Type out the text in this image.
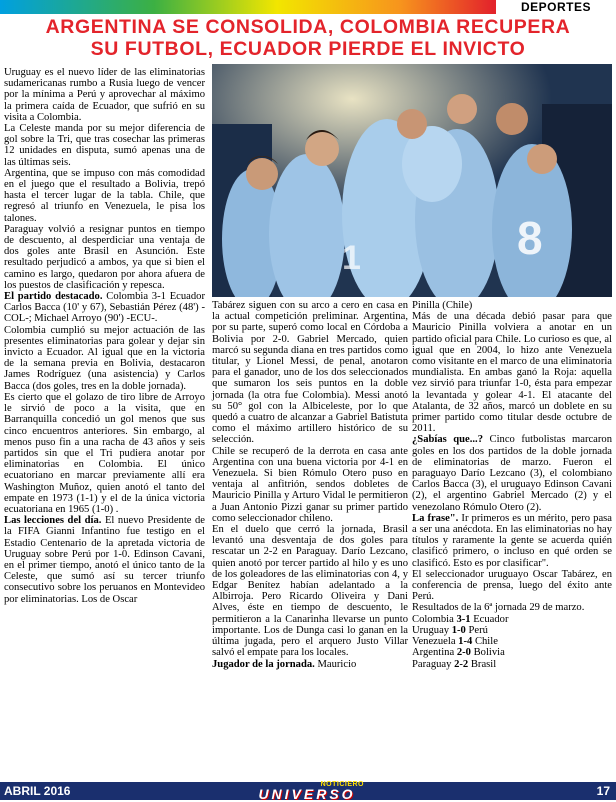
DEPORTES
ARGENTINA SE CONSOLIDA, COLOMBIA RECUPERA
SU FUTBOL, ECUADOR PIERDE EL INVICTO
8
1

Uruguay es el nuevo líder de las eliminatorias sudamericanas rumbo a Rusia luego de vencer por la mínima a Perú y aprovechar al máximo la primera caída de Ecuador, que sufrió en su visita a Colombia.

La Celeste manda por su mejor diferencia de gol sobre la Tri, que tras cosechar las primeras 12 unidades en disputa, sumó apenas una de las últimas seis.

Argentina, que se impuso con más comodidad en el juego que el resultado a Bolivia, trepó hasta el tercer lugar de la tabla. Chile, que regresó al triunfo en Venezuela, le pisa los talones.

Paraguay volvió a resignar puntos en tiempo de descuento, al desperdiciar una ventaja de dos goles ante Brasil en Asunción. Este resultado perjudicó a ambos, ya que si bien el camino es largo, quedaron por ahora afuera de los puestos de clasificación y repesca.

El partido destacado. Colombia 3-1 Ecuador Carlos Bacca (10' y 67), Sebastián Pérez (48') -COL-; Michael Arroyo (90') -ECU-.

Colombia cumplió su mejor actuación de las presentes eliminatorias para golear y dejar sin invicto a Ecuador. Al igual que en la victoria de la semana previa en Bolivia, destacaron James Rodríguez (una asistencia) y Carlos Bacca (dos goles, tres en la doble jornada).

Es cierto que el golazo de tiro libre de Arroyo le sirvió de poco a la visita, que en Barranquilla concedió un gol menos que sus cinco encuentros anteriores. Sin embargo, al menos puso fin a una racha de 43 años y seis partidos sin que el Tri pudiera anotar por eliminatorias en Colombia. El único ecuatoriano en marcar previamente allí era Washington Muñoz, quien anotó el tanto del empate en 1973 (1-1) y el de la única victoria ecuatoriana en 1965 (1-0) .

Las lecciones del día. El nuevo Presidente de la FIFA Gianni Infantino fue testigo en el Estadio Centenario de la apretada victoria de Uruguay sobre Perú por 1-0. Edinson Cavani, en el primer tiempo, anotó el único tanto de la Celeste, que sumó así su tercer triunfo consecutivo sobre los peruanos en Montevideo por eliminatorias. Los de Oscar

Tabárez siguen con su arco a cero en casa en la actual competición preliminar. Argentina, por su parte, superó como local en Córdoba a Bolivia por 2-0. Gabriel Mercado, quien marcó su segunda diana en tres partidos como titular, y Lionel Messi, de penal, anotaron para el ganador, uno de los dos seleccionados que sumaron los seis puntos en la doble jornada (la otra fue Colombia). Messi anotó su 50° gol con la Albiceleste, por lo que quedó a cuatro de alcanzar a Gabriel Batistuta como el máximo artillero histórico de su selección.

Chile se recuperó de la derrota en casa ante Argentina con una buena victoria por 4-1 en Venezuela. Si bien Rómulo Otero puso en ventaja al anfitrión, sendos dobletes de Mauricio Pinilla y Arturo Vidal le permitieron a Juan Antonio Pizzi ganar su primer partido como seleccionador chileno.

En el duelo que cerró la jornada, Brasil levantó una desventaja de dos goles para rescatar un 2-2 en Paraguay. Darío Lezcano, quien anotó por tercer partido al hilo y es uno de los goleadores de las eliminatorias con 4, y Edgar Benítez habían adelantado a la Albirroja. Pero Ricardo Oliveira y Dani Alves, éste en tiempo de descuento, le permitieron a la Canarinha llevarse un punto importante. Los de Dunga casi lo ganan en la última jugada, pero el arquero Justo Villar salvó el empate para los locales.

Jugador de la jornada. Mauricio

Pinilla (Chile)

Más de una década debió pasar para que Mauricio Pinilla volviera a anotar en un partido oficial para Chile. Lo curioso es que, al igual que en 2004, lo hizo ante Venezuela como visitante en el marco de una eliminatoria mundialista. En ambas ganó la Roja: aquella vez sirvió para triunfar 1-0, ésta para empezar la levantada y golear 4-1. El atacante del Atalanta, de 32 años, marcó un doblete en su primer partido como titular desde octubre de 2011.

¿Sabías que...? Cinco futbolistas marcaron goles en los dos partidos de la doble jornada de eliminatorias de marzo. Fueron el paraguayo Darío Lezcano (3), el colombiano Carlos Bacca (3), el uruguayo Edinson Cavani (2), el argentino Gabriel Mercado (2) y el venezolano Rómulo Otero (2).

La frase". Ir primeros es un mérito, pero pasa a ser una anécdota. En las eliminatorias no hay títulos y raramente la gente se acuerda quién clasificó primero, o incluso en qué orden se clasificó. Esto es por clasificar".

El seleccionador uruguayo Oscar Tabárez, en conferencia de prensa, luego del éxito ante Perú.

Resultados de la 6ª jornada 29 de marzo.

Colombia 3-1 Ecuador

Uruguay 1-0 Perú

Venezuela 1-4 Chile

Argentina 2-0 Bolivia

Paraguay 2-2 Brasil

ABRIL 2016	17
NOTICIERO
UNIVERSO
